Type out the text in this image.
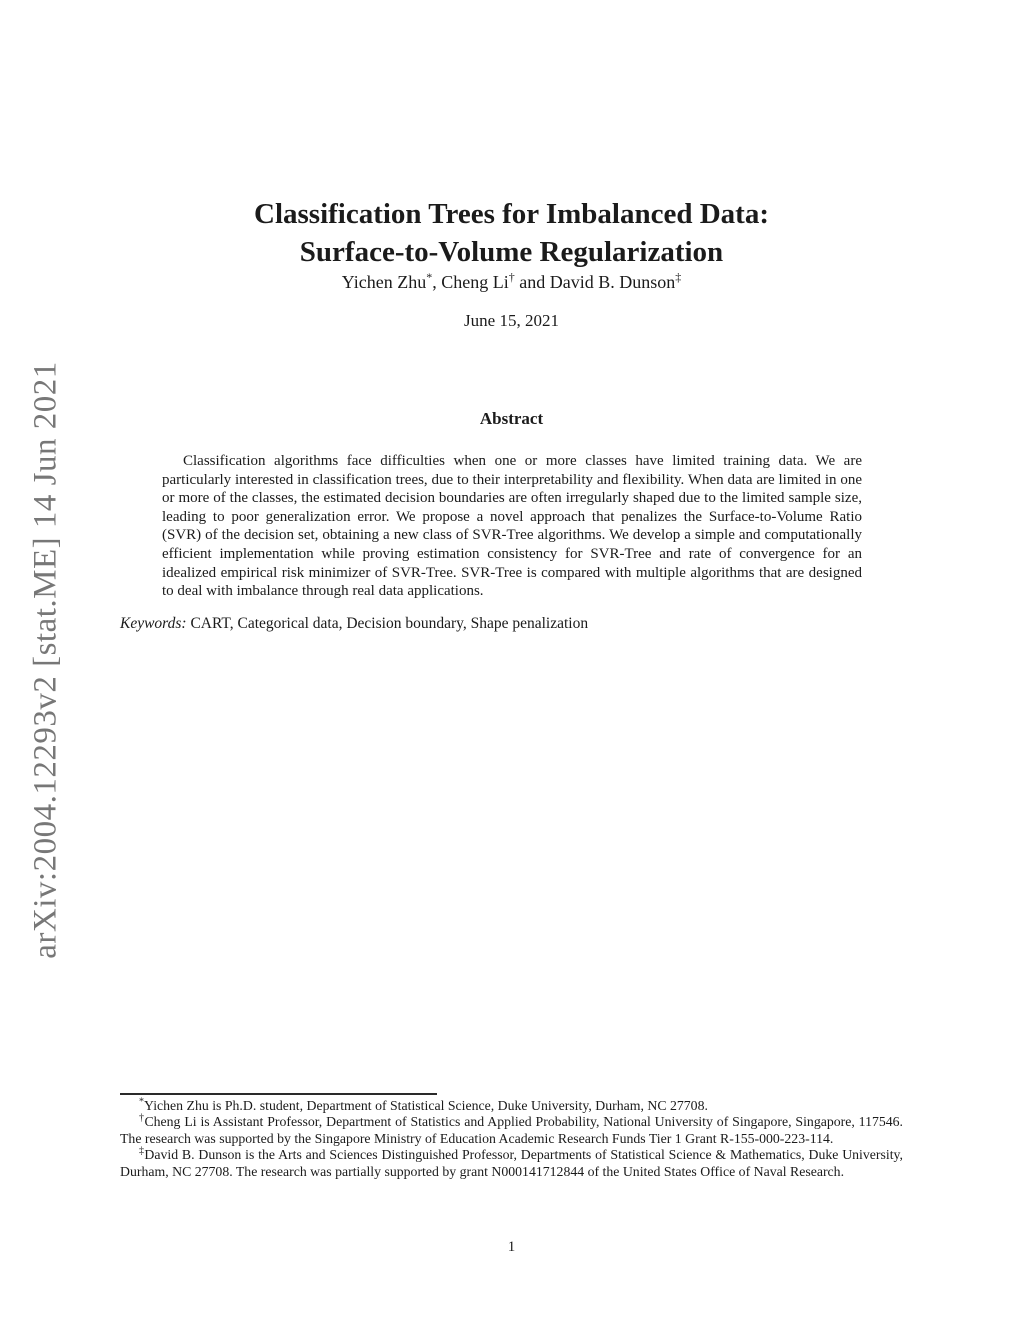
arXiv:2004.12293v2 [stat.ME] 14 Jun 2021
Classification Trees for Imbalanced Data:
Surface-to-Volume Regularization
Yichen Zhu*, Cheng Li† and David B. Dunson‡
June 15, 2021
Abstract

Classification algorithms face difficulties when one or more classes have limited training data. We are particularly interested in classification trees, due to their interpretability and flexibility. When data are limited in one or more of the classes, the estimated decision boundaries are often irregularly shaped due to the limited sample size, leading to poor generalization error. We propose a novel approach that penalizes the Surface-to-Volume Ratio (SVR) of the decision set, obtaining a new class of SVR-Tree algorithms. We develop a simple and computationally efficient implementation while proving estimation consistency for SVR-Tree and rate of convergence for an idealized empirical risk minimizer of SVR-Tree. SVR-Tree is compared with multiple algorithms that are designed to deal with imbalance through real data applications.

Keywords: CART, Categorical data, Decision boundary, Shape penalization

*Yichen Zhu is Ph.D. student, Department of Statistical Science, Duke University, Durham, NC 27708.

†Cheng Li is Assistant Professor, Department of Statistics and Applied Probability, National University of Singapore, Singapore, 117546. The research was supported by the Singapore Ministry of Education Academic Research Funds Tier 1 Grant R-155-000-223-114.

‡David B. Dunson is the Arts and Sciences Distinguished Professor, Departments of Statistical Science & Mathematics, Duke University, Durham, NC 27708. The research was partially supported by grant N000141712844 of the United States Office of Naval Research.

1
